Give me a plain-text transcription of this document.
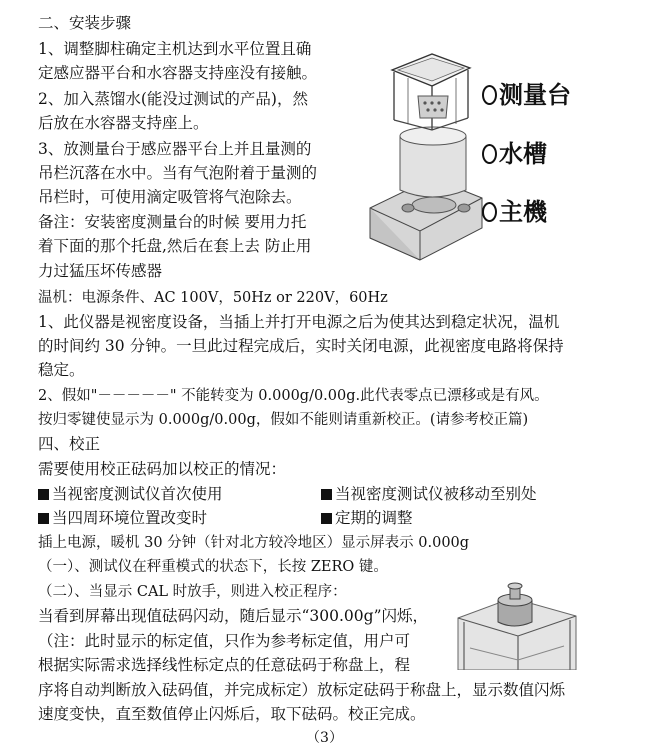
二、安装步骤
1、调整脚柱确定主机达到水平位置且确
定感应器平台和水容器支持座没有接触。
2、加入蒸馏水(能没过测试的产品)，然
后放在水容器支持座上。
3、放测量台于感应器平台上并且量测的
吊栏沉落在水中。当有气泡附着于量测的
吊栏时，可使用滴定吸管将气泡除去。
备注：安装密度测量台的时候 要用力托
着下面的那个托盘,然后在套上去 防止用
力过猛压坏传感器
温机：电源条件、AC 100V，50Hz or 220V，60Hz
1、此仪器是视密度设备，当插上并打开电源之后为使其达到稳定状况，温机
的时间约 30 分钟。一旦此过程完成后，实时关闭电源，此视密度电路将保持
稳定。
2、假如"－－－－－" 不能转变为 0.000g/0.00g.此代表零点已漂移或是有风。
按归零键使显示为 0.000g/0.00g，假如不能则请重新校正。(请参考校正篇)
四、校正
需要使用校正砝码加以校正的情况：
当视密度测试仪首次使用	当视密度测试仪被移动至别处
当四周环境位置改变时	定期的调整
插上电源，暖机 30 分钟（针对北方较冷地区）显示屏表示 0.000g
（一）、测试仪在秤重模式的状态下，长按 ZERO 键。
（二）、当显示 CAL 时放手，则进入校正程序：
当看到屏幕出现值砝码闪动，随后显示“300.00g”闪烁，
（注：此时显示的标定值，只作为参考标定值，用户可
根据实际需求选择线性标定点的任意砝码于称盘上，程
序将自动判断放入砝码值，并完成标定）放标定砝码于称盘上，显示数值闪烁
速度变快，直至数值停止闪烁后，取下砝码。校正完成。
测量台
水槽
主機
（3）
